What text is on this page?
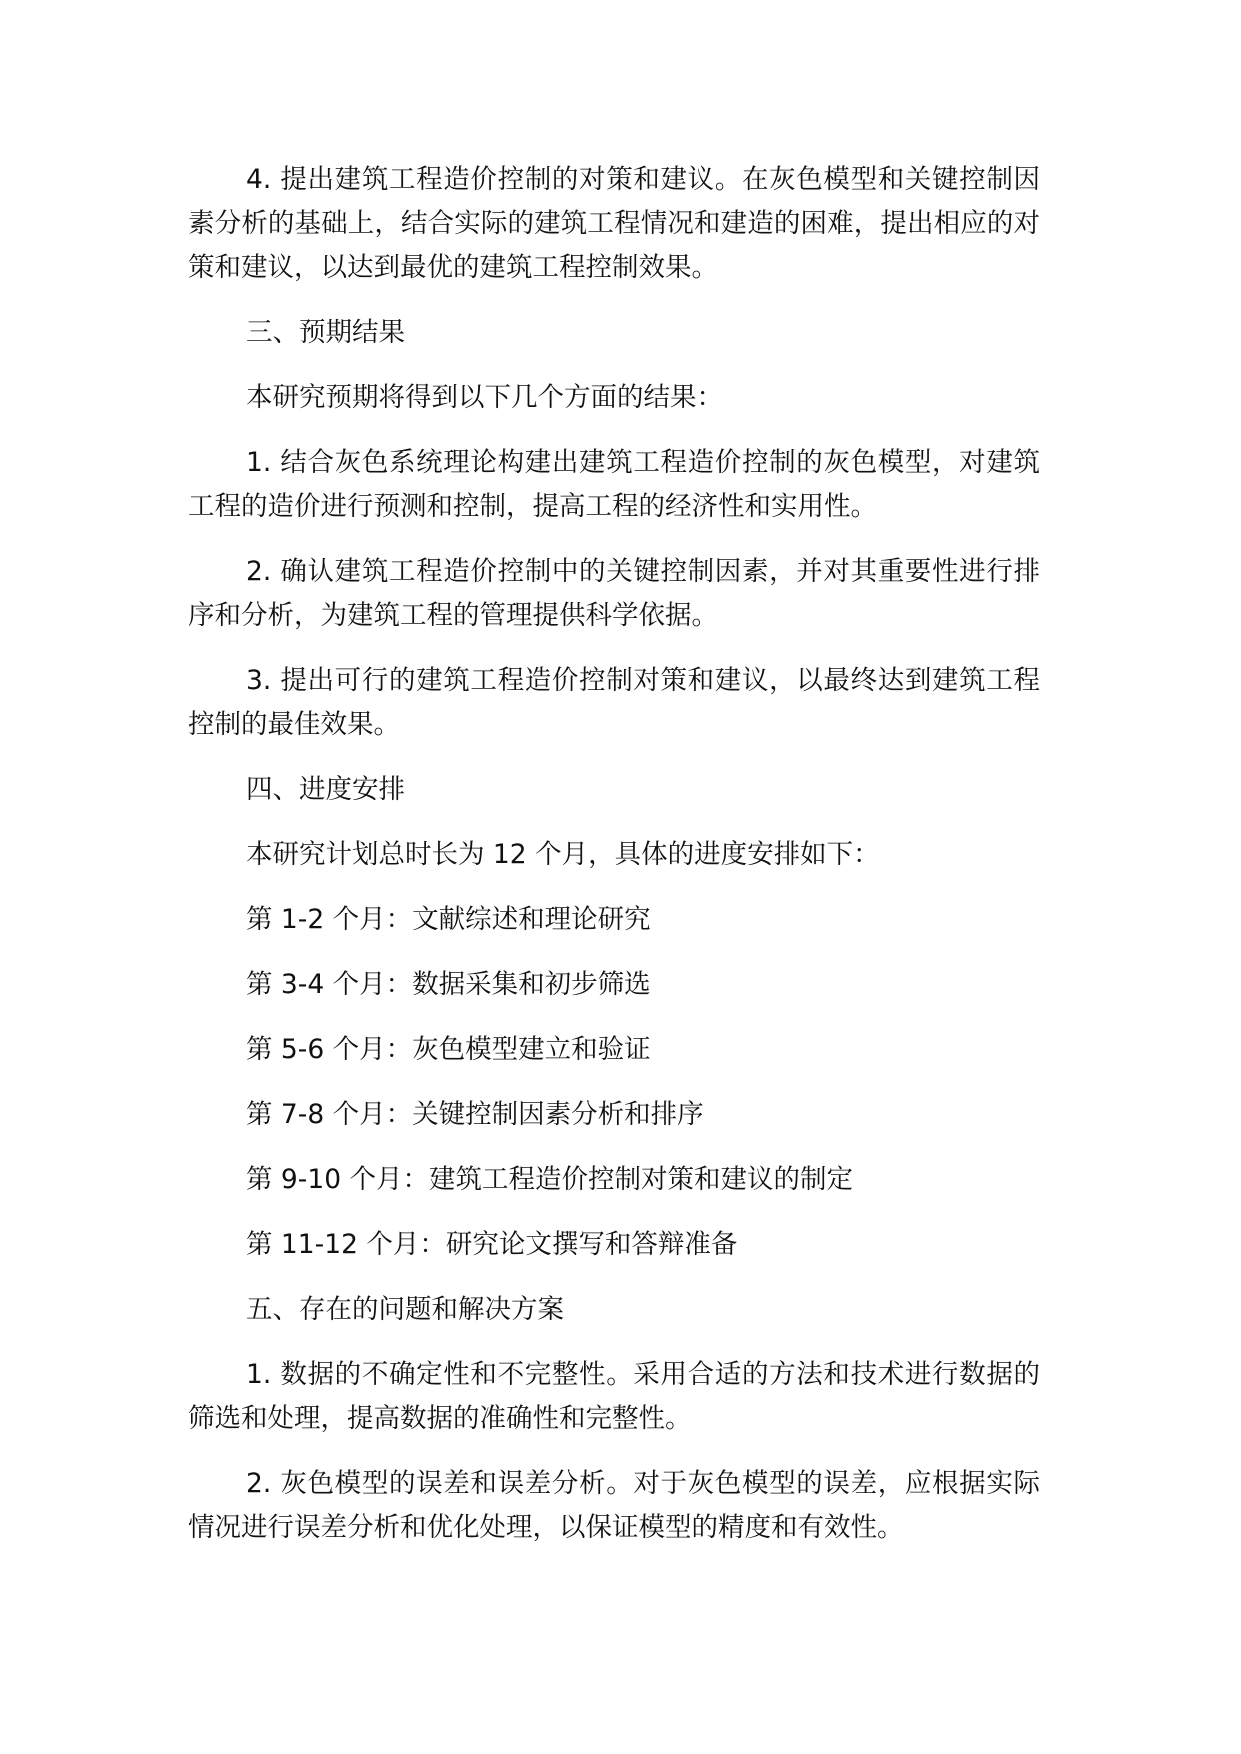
4. 提出建筑工程造价控制的对策和建议。在灰色模型和关键控制因素分析的基础上，结合实际的建筑工程情况和建造的困难，提出相应的对策和建议，以达到最优的建筑工程控制效果。

三、预期结果

本研究预期将得到以下几个方面的结果：

1. 结合灰色系统理论构建出建筑工程造价控制的灰色模型，对建筑工程的造价进行预测和控制，提高工程的经济性和实用性。

2. 确认建筑工程造价控制中的关键控制因素，并对其重要性进行排序和分析，为建筑工程的管理提供科学依据。

3. 提出可行的建筑工程造价控制对策和建议，以最终达到建筑工程控制的最佳效果。

四、进度安排

本研究计划总时长为 12 个月，具体的进度安排如下：

第 1-2 个月：文献综述和理论研究

第 3-4 个月：数据采集和初步筛选

第 5-6 个月：灰色模型建立和验证

第 7-8 个月：关键控制因素分析和排序

第 9-10 个月：建筑工程造价控制对策和建议的制定

第 11-12 个月：研究论文撰写和答辩准备

五、存在的问题和解决方案

1. 数据的不确定性和不完整性。采用合适的方法和技术进行数据的筛选和处理，提高数据的准确性和完整性。

2. 灰色模型的误差和误差分析。对于灰色模型的误差，应根据实际情况进行误差分析和优化处理，以保证模型的精度和有效性。
